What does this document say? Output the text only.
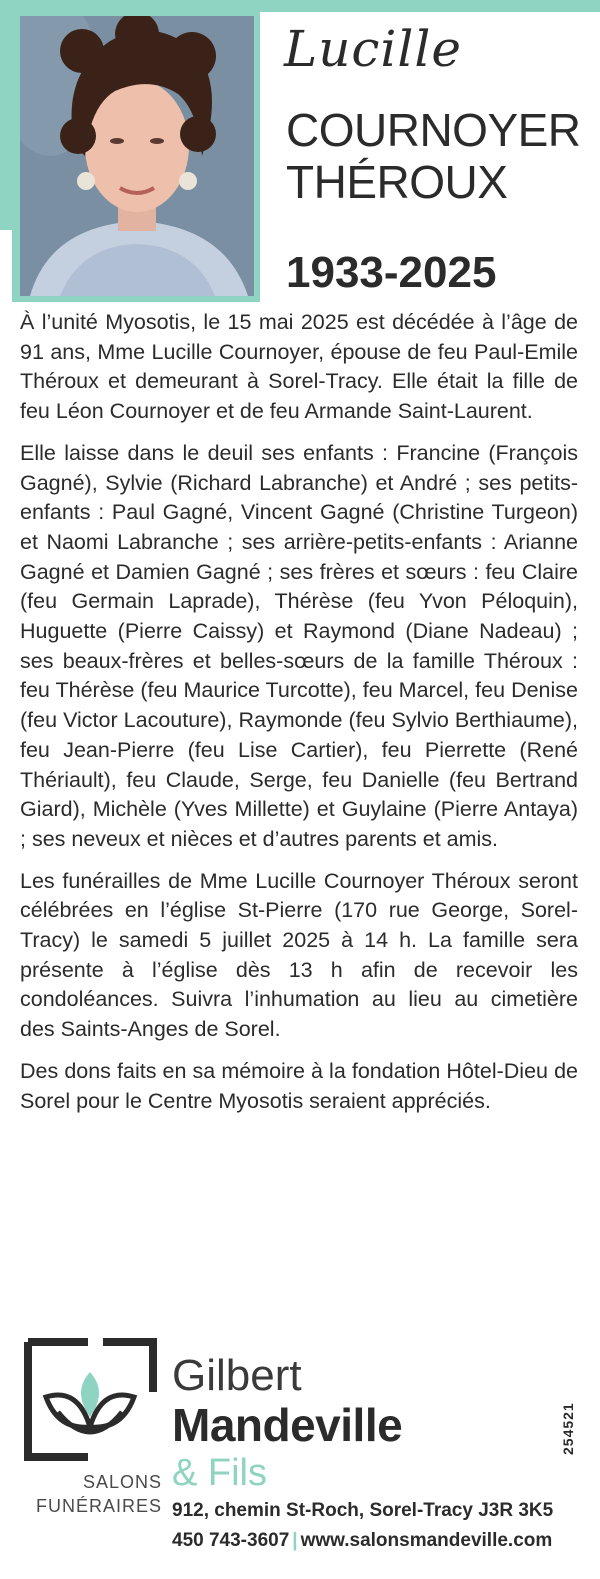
Lucille

COURNOYER
THÉROUX

1933-2025

À l’unité Myosotis, le 15 mai 2025 est décédée à l’âge de 91 ans, Mme Lucille Cournoyer, épouse de feu Paul-Emile Théroux et demeurant à Sorel-Tracy. Elle était la fille de feu Léon Cournoyer et de feu Armande Saint-Laurent.

Elle laisse dans le deuil ses enfants : Francine (François Gagné), Sylvie (Richard Labranche) et André ; ses petits-enfants : Paul Gagné, Vincent Gagné (Christine Turgeon) et Naomi Labranche ; ses arrière-petits-enfants : Arianne Gagné et Damien Gagné ; ses frères et sœurs : feu Claire (feu Germain Laprade), Thérèse (feu Yvon Péloquin), Huguette (Pierre Caissy) et Raymond (Diane Nadeau) ; ses beaux-frères et belles-sœurs de la famille Théroux : feu Thérèse (feu Maurice Turcotte), feu Marcel, feu Denise (feu Victor Lacouture), Raymonde (feu Sylvio Berthiaume), feu Jean-Pierre (feu Lise Cartier), feu Pierrette (René Thériault), feu Claude, Serge, feu Danielle (feu Bertrand Giard), Michèle (Yves Millette) et Guylaine (Pierre Antaya) ; ses neveux et nièces et d’autres parents et amis.

Les funérailles de Mme Lucille Cournoyer Théroux seront célébrées en l’église St-Pierre (170 rue George, Sorel-Tracy) le samedi 5 juillet 2025 à 14 h. La famille sera présente à l’église dès 13 h afin de recevoir les condoléances. Suivra l’inhumation au lieu au cimetière des Saints-Anges de Sorel.

Des dons faits en sa mémoire à la fondation Hôtel-Dieu de Sorel pour le Centre Myosotis seraient appréciés.

SALONS
FUNÉRAIRES

Gilbert

Mandeville

& Fils

912, chemin St-Roch, Sorel-Tracy J3R 3K5
450 743-3607 | www.salonsmandeville.com
254521
